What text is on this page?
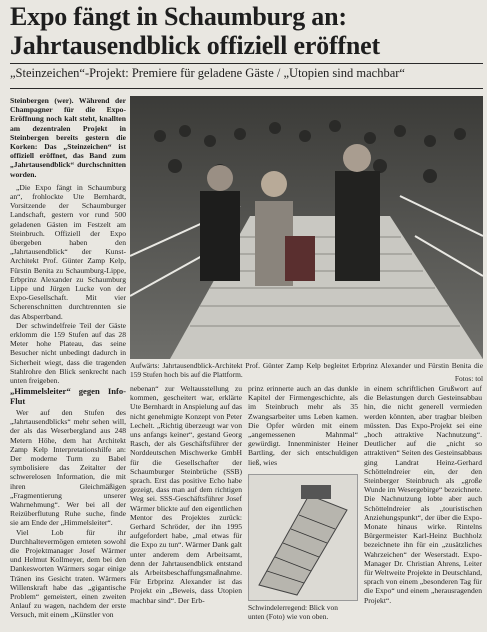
Expo fängt in Schaumburg an:
Jahrtausendblick offiziell eröffnet
„Steinzeichen“-Projekt: Premiere für geladene Gäste / „Utopien sind machbar“

Steinbergen (wer). Während der Champagner für die Expo-Eröffnung noch kalt steht, knallten am dezentralen Projekt in Steinbergen bereits gestern die Korken: Das „Steinzeichen“ ist offiziell eröffnet, das Band zum „Jahrtausendblick“ durchschnitten worden.

„Die Expo fängt in Schaumburg an“, frohlockte Ute Bernhardt, Vorsitzende der Schaumburger Landschaft, gestern vor rund 500 geladenen Gästen im Festzelt am Steinbruch. Offiziell der Expo übergeben haben den „Jahrtausendblick“ der Kunst-Architekt Prof. Günter Zamp Kelp, Fürstin Benita zu Schaumburg-Lippe, Erbprinz Alexander zu Schaumburg Lippe und Jürgen Lucke von der Expo-Gesellschaft. Mit vier Scherenschnitten durchtrennten sie das Absperrband.

Der schwindelfreie Teil der Gäste erklomm die 159 Stufen auf das 28 Meter hohe Plateau, das seine Besucher nicht unbedingt dadurch in Sicherheit wiegt, dass die tragenden Stahlrohre den Blick senkrecht nach unten freigeben.

„Himmelsleiter“ gegen Info-Flut

Wer auf den Stufen des „Jahrtausendblicks“ mehr sehen will, der als das Weserbergland aus 248 Metern Höhe, dem hat Architekt Zamp Kelp Interpretationshilfe an: Der moderne Turm zu Babel symbolisiere das Zeitalter der schwerelosen Information, die mit ihren Gleichmäßigen „Fragmentierung unserer Wahrnehmung“. Wer bei all der Reizüberflutung Ruhe suche, finde sie am Ende der „Himmelsleiter“.

Viel Lob für ihr Durchhaltevermögen ernteten sowohl die Projektmanager Josef Wärmer und Helmut Kollmeyer, dem bei den Dankesworten Wärmers sogar einige Tränen ins Gesicht traten. Wärmers Willenskraft habe das „gigantische Problem“ gemeistert, einen zweiten Anlauf zu wagen, nachdem der erste Versuch, mit einem „Künstler von

Aufwärts: Jahrtausendblick-Architekt Prof. Günter Zamp Kelp begleitet Erbprinz Alexander und Fürstin Benita die 159 Stufen hoch bis auf die Plattform.	Fotos: tol

nebenan“ zur Weltausstellung zu kommen, gescheitert war, erklärte Ute Bernhardt in Anspielung auf das nicht genehmigte Konzept von Peter Lechelt. „Richtig überzeugt war von uns anfangs keiner“, gestand Georg Rasch, der als Geschäftsführer der Norddeutschen Mischwerke GmbH für die Gesellschafter der Schaumburger Steinbrüche (SSB) sprach. Erst das positive Echo habe gezeigt, dass man auf dem richtigen Weg sei. SSS-Geschäftsführer Josef Wärmer blickte auf den eigentlichen Mentor des Projektes zurück: Gerhard Schröder, der ihn 1995 aufgefordert habe, „mal etwas für die Expo zu tun“. Wärmer Dank galt unter anderem dem Arbeitsamt, denn der Jahrtausendblick entstand als Arbeitsbeschaffungsmaßnahme. Für Erbprinz Alexander ist das Projekt ein „Beweis, dass Utopien machbar sind“. Der Erb-

prinz erinnerte auch an das dunkle Kapitel der Firmengeschichte, als im Steinbruch mehr als 35 Zwangsarbeiter ums Leben kamen. Die Opfer würden mit einem „angemessenen Mahnmal“ gewürdigt. Innenminister Heiner Bartling, der sich entschuldigen ließ, wies

Schwindelerregend: Blick von unten (Foto) wie von oben.

in einem schriftlichen Grußwort auf die Belastungen durch Gesteinsabbau hin, die nicht generell vermieden werden könnten, aber tragbar bleiben müssten. Das Expo-Projekt sei eine „hoch attraktive Nachnutzung“. Deutlicher auf die „nicht so attraktiven“ Seiten des Gesteinsabbaus ging Landrat Heinz-Gerhard Schöttelndreier ein, der den Steinberger Steinbruch als „große Wunde im Wesergebirge“ bezeichnete. Die Nachnutzung lobte aber auch Schöttelndreier als „touristischen Anziehungspunkt“, der über die Expo-Monate hinaus wirke. Rintelns Bürgermeister Karl-Heinz Buchholz bezeichnete ihn für ein „zusätzliches Wahrzeichen“ der Weserstadt. Expo-Manager Dr. Christian Ahrens, Leiter für Weltweite Projekte in Deutschland, sprach von einem „besonderen Tag für die Expo“ und einem „herausragenden Projekt“.
